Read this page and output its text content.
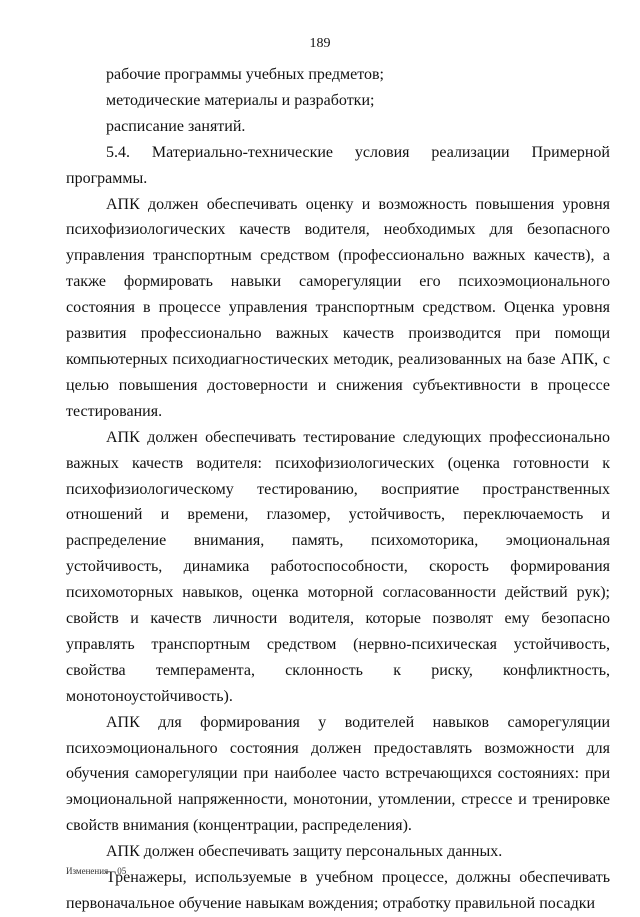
189

рабочие программы учебных предметов;

методические материалы и разработки;

расписание занятий.

5.4. Материально-технические условия реализации Примерной программы.

АПК должен обеспечивать оценку и возможность повышения уровня психофизиологических качеств водителя, необходимых для безопасного управления транспортным средством (профессионально важных качеств), а также формировать навыки саморегуляции его психоэмоционального состояния в процессе управления транспортным средством. Оценка уровня развития профессионально важных качеств производится при помощи компьютерных психодиагностических методик, реализованных на базе АПК, с целью повышения достоверности и снижения субъективности в процессе тестирования.

АПК должен обеспечивать тестирование следующих профессионально важных качеств водителя: психофизиологических (оценка готовности к психофизиологическому тестированию, восприятие пространственных отношений и времени, глазомер, устойчивость, переключаемость и распределение внимания, память, психомоторика, эмоциональная устойчивость, динамика работоспособности, скорость формирования психомоторных навыков, оценка моторной согласованности действий рук); свойств и качеств личности водителя, которые позволят ему безопасно управлять транспортным средством (нервно-психическая устойчивость, свойства темперамента, склонность к риску, конфликтность, монотоноустойчивость).

АПК для формирования у водителей навыков саморегуляции психоэмоционального состояния должен предоставлять возможности для обучения саморегуляции при наиболее часто встречающихся состояниях: при эмоциональной напряженности, монотонии, утомлении, стрессе и тренировке свойств внимания (концентрации, распределения).

АПК должен обеспечивать защиту персональных данных.

Тренажеры, используемые в учебном процессе, должны обеспечивать первоначальное обучение навыкам вождения; отработку правильной посадки

Изменения – 05
